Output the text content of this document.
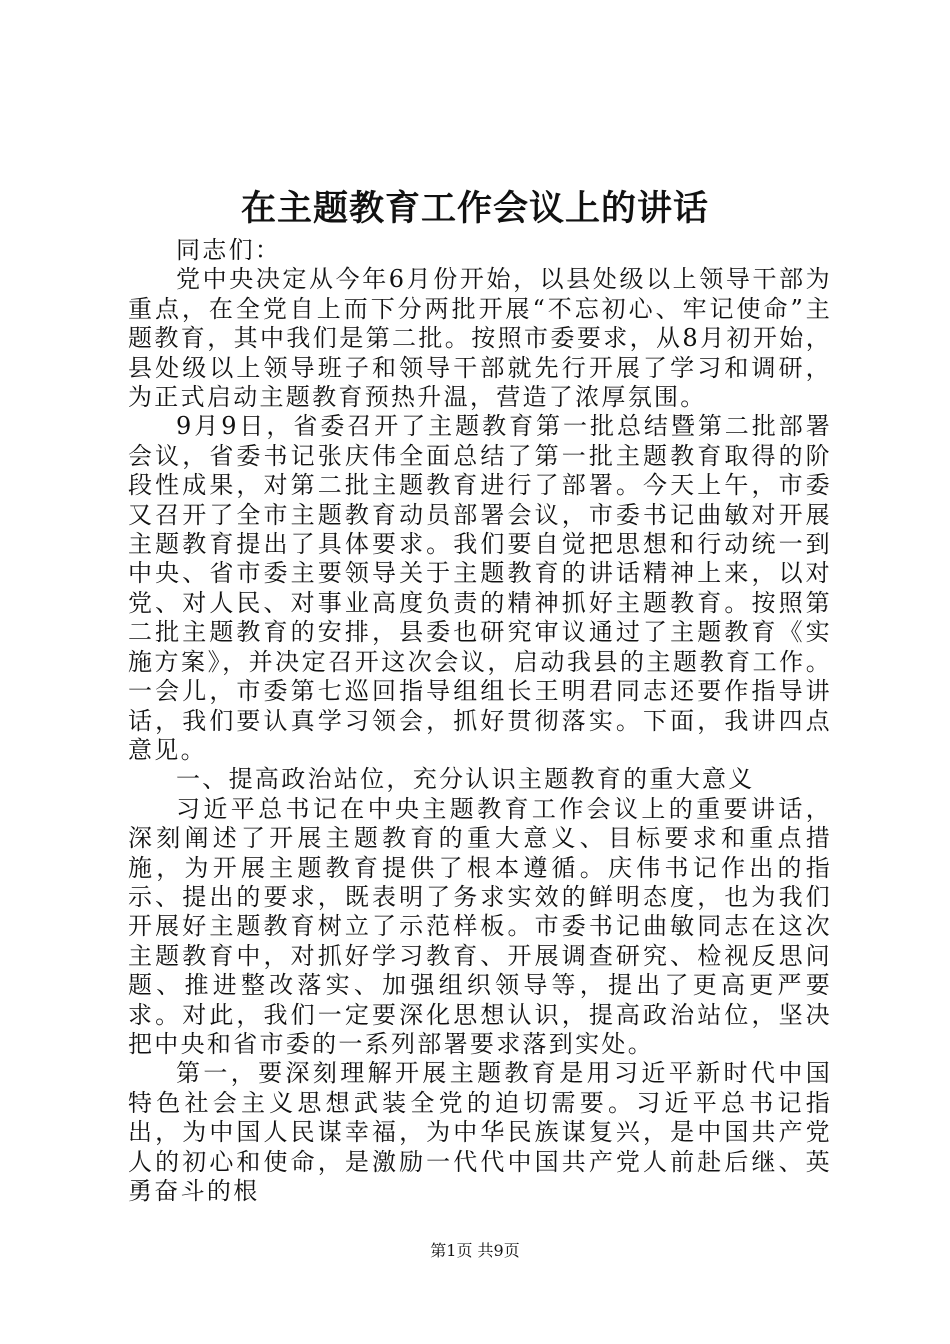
在主题教育工作会议上的讲话

同志们：

党中央决定从今年6月份开始，以县处级以上领导干部为重点，在全党自上而下分两批开展“不忘初心、牢记使命”主题教育，其中我们是第二批。按照市委要求，从8月初开始，县处级以上领导班子和领导干部就先行开展了学习和调研，为正式启动主题教育预热升温，营造了浓厚氛围。

9月9日，省委召开了主题教育第一批总结暨第二批部署会议，省委书记张庆伟全面总结了第一批主题教育取得的阶段性成果，对第二批主题教育进行了部署。今天上午，市委又召开了全市主题教育动员部署会议，市委书记曲敏对开展主题教育提出了具体要求。我们要自觉把思想和行动统一到中央、省市委主要领导关于主题教育的讲话精神上来，以对党、对人民、对事业高度负责的精神抓好主题教育。按照第二批主题教育的安排，县委也研究审议通过了主题教育《实施方案》，并决定召开这次会议，启动我县的主题教育工作。一会儿，市委第七巡回指导组组长王明君同志还要作指导讲话，我们要认真学习领会，抓好贯彻落实。下面，我讲四点意见。

一、提高政治站位，充分认识主题教育的重大意义

习近平总书记在中央主题教育工作会议上的重要讲话，深刻阐述了开展主题教育的重大意义、目标要求和重点措施，为开展主题教育提供了根本遵循。庆伟书记作出的指示、提出的要求，既表明了务求实效的鲜明态度，也为我们开展好主题教育树立了示范样板。市委书记曲敏同志在这次主题教育中，对抓好学习教育、开展调查研究、检视反思问题、推进整改落实、加强组织领导等，提出了更高更严要求。对此，我们一定要深化思想认识，提高政治站位，坚决把中央和省市委的一系列部署要求落到实处。

第一，要深刻理解开展主题教育是用习近平新时代中国特色社会主义思想武装全党的迫切需要。习近平总书记指出，为中国人民谋幸福，为中华民族谋复兴，是中国共产党人的初心和使命，是激励一代代中国共产党人前赴后继、英勇奋斗的根

第1页 共9页
